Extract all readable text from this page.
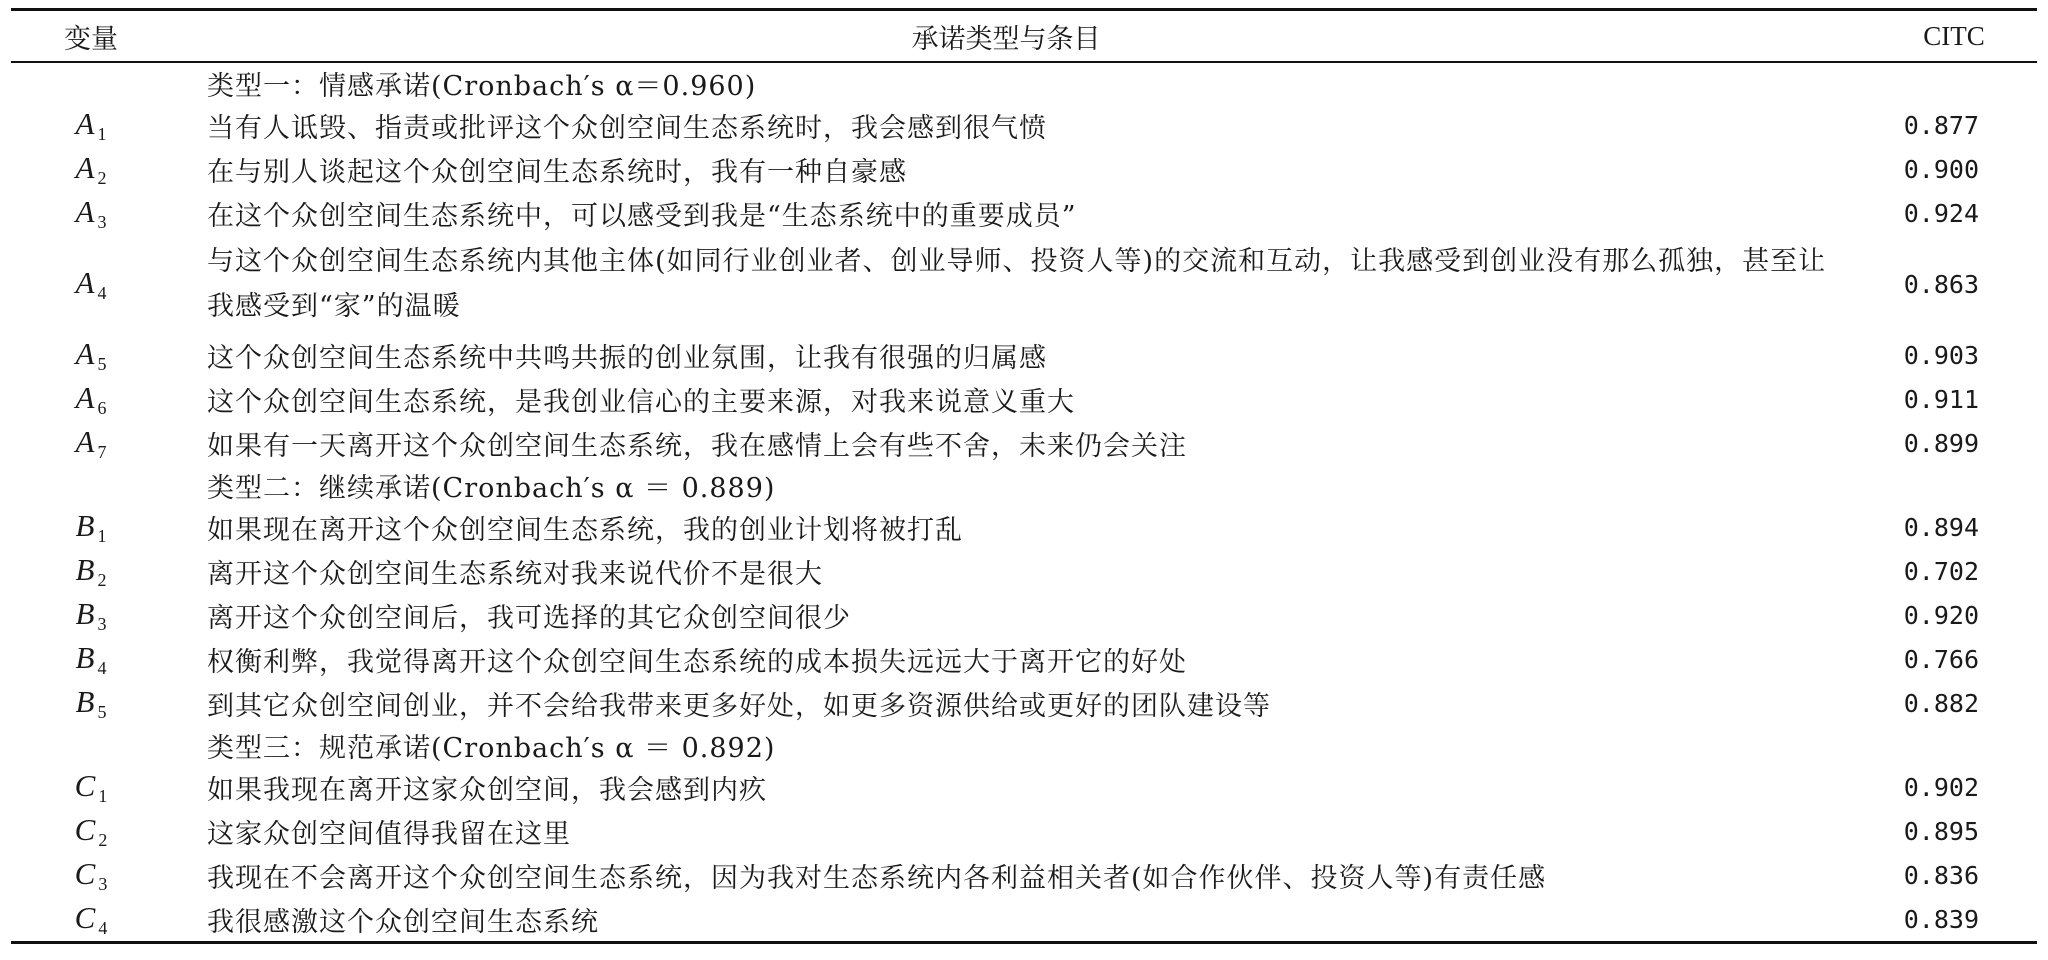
变量	承诺类型与条目	CITC
	类型一：情感承诺(Cronbach′s α＝0.960)	
A $_1$	当有人诋毁、指责或批评这个众创空间生态系统时，我会感到很气愤	0.877
A $_2$	在与别人谈起这个众创空间生态系统时，我有一种自豪感	0.900
A $_3$	在这个众创空间生态系统中，可以感受到我是“生态系统中的重要成员”	0.924
A $_4$	与这个众创空间生态系统内其他主体(如同行业创业者、创业导师、投资人等)的交流和互动，让我感受到创业没有那么孤独，甚至让我感受到“家”的温暖	0.863
A $_5$	这个众创空间生态系统中共鸣共振的创业氛围，让我有很强的归属感	0.903
A $_6$	这个众创空间生态系统，是我创业信心的主要来源，对我来说意义重大	0.911
A $_7$	如果有一天离开这个众创空间生态系统，我在感情上会有些不舍，未来仍会关注	0.899
	类型二：继续承诺(Cronbach′s α ＝ 0.889)	
B $_1$	如果现在离开这个众创空间生态系统，我的创业计划将被打乱	0.894
B $_2$	离开这个众创空间生态系统对我来说代价不是很大	0.702
B $_3$	离开这个众创空间后，我可选择的其它众创空间很少	0.920
B $_4$	权衡利弊，我觉得离开这个众创空间生态系统的成本损失远远大于离开它的好处	0.766
B $_5$	到其它众创空间创业，并不会给我带来更多好处，如更多资源供给或更好的团队建设等	0.882
	类型三：规范承诺(Cronbach′s α ＝ 0.892)	
C $_1$	如果我现在离开这家众创空间，我会感到内疚	0.902
C $_2$	这家众创空间值得我留在这里	0.895
C $_3$	我现在不会离开这个众创空间生态系统，因为我对生态系统内各利益相关者(如合作伙伴、投资人等)有责任感	0.836
C $_4$	我很感激这个众创空间生态系统	0.839
